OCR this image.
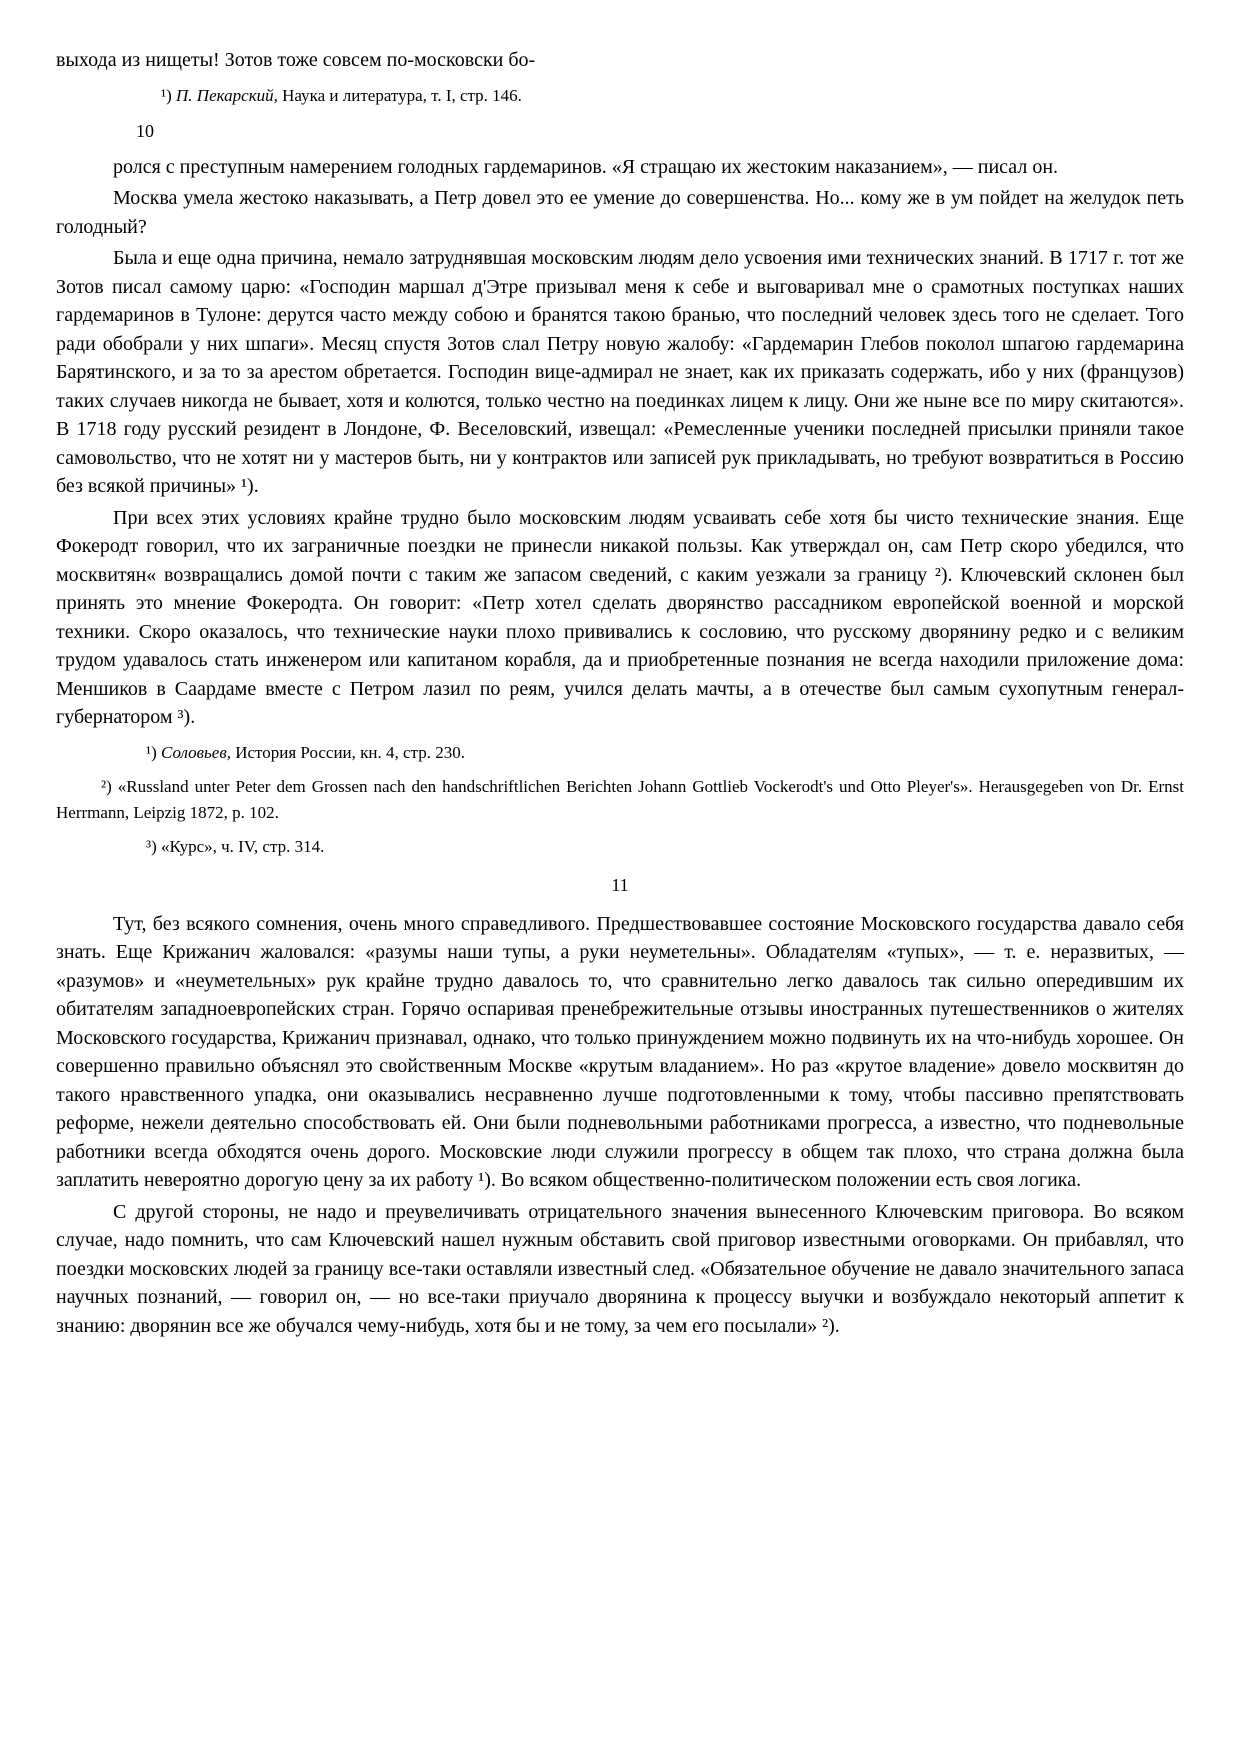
выхода из нищеты! Зотов тоже совсем по-московски бо-

¹) П. Пекарский, Наука и литература, т. I, стр. 146.
10

ролся с преступным намерением голодных гардемаринов. «Я стращаю их жестоким наказанием», — писал он.

Москва умела жестоко наказывать, а Петр довел это ее умение до совершенства. Но... кому же в ум пойдет на желудок петь голодный?

Была и еще одна причина, немало затруднявшая московским людям дело усвоения ими технических знаний. В 1717 г. тот же Зотов писал самому царю: «Господин маршал д'Этре призывал меня к себе и выговаривал мне о срамотных поступках наших гардемаринов в Тулоне: дерутся часто между собою и бранятся такою бранью, что последний человек здесь того не сделает. Того ради обобрали у них шпаги». Месяц спустя Зотов слал Петру новую жалобу: «Гардемарин Глебов поколол шпагою гардемарина Барятинского, и за то за арестом обретается. Господин вице-адмирал не знает, как их приказать содержать, ибо у них (французов) таких случаев никогда не бывает, хотя и колются, только честно на поединках лицем к лицу. Они же ныне все по миру скитаются». В 1718 году русский резидент в Лондоне, Ф. Веселовский, извещал: «Ремесленные ученики последней присылки приняли такое самовольство, что не хотят ни у мастеров быть, ни у контрактов или записей рук прикладывать, но требуют возвратиться в Россию без всякой причины» ¹).

При всех этих условиях крайне трудно было московским людям усваивать себе хотя бы чисто технические знания. Еще Фокеродт говорил, что их заграничные поездки не принесли никакой пользы. Как утверждал он, сам Петр скоро убедился, что москвитян« возвращались домой почти с таким же запасом сведений, с каким уезжали за границу ²). Ключевский склонен был принять это мнение Фокеродта. Он говорит: «Петр хотел сделать дворянство рассадником европейской военной и морской техники. Скоро оказалось, что технические науки плохо прививались к сословию, что русскому дворянину редко и с великим трудом удавалось стать инженером или капитаном корабля, да и приобретенные познания не всегда находили приложение дома: Меншиков в Саардаме вместе с Петром лазил по реям, учился делать мачты, а в отечестве был самым сухопутным генерал-губернатором ³).

¹) Соловьев, История России, кн. 4, стр. 230.
²) «Russland unter Peter dem Grossen nach den handschriftlichen Berichten Johann Gottlieb Vockerodt's und Otto Pleyer's». Herausgegeben von Dr. Ernst Herrmann, Leipzig 1872, p. 102.
³) «Курс», ч. IV, стр. 314.
11

Тут, без всякого сомнения, очень много справедливого. Предшествовавшее состояние Московского государства давало себя знать. Еще Крижанич жаловался: «разумы наши тупы, а руки неуметельны». Обладателям «тупых», — т. е. неразвитых, — «разумов» и «неуметельных» рук крайне трудно давалось то, что сравнительно легко давалось так сильно опередившим их обитателям западноевропейских стран. Горячо оспаривая пренебрежительные отзывы иностранных путешественников о жителях Московского государства, Крижанич признавал, однако, что только принуждением можно подвинуть их на что-нибудь хорошее. Он совершенно правильно объяснял это свойственным Москве «крутым владанием». Но раз «крутое владение» довело москвитян до такого нравственного упадка, они оказывались несравненно лучше подготовленными к тому, чтобы пассивно препятствовать реформе, нежели деятельно способствовать ей. Они были подневольными работниками прогресса, а известно, что подневольные работники всегда обходятся очень дорого. Московские люди служили прогрессу в общем так плохо, что страна должна была заплатить невероятно дорогую цену за их работу ¹). Во всяком общественно-политическом положении есть своя логика.

С другой стороны, не надо и преувеличивать отрицательного значения вынесенного Ключевским приговора. Во всяком случае, надо помнить, что сам Ключевский нашел нужным обставить свой приговор известными оговорками. Он прибавлял, что поездки московских людей за границу все-таки оставляли известный след. «Обязательное обучение не давало значительного запаса научных познаний, — говорил он, — но все-таки приучало дворянина к процессу выучки и возбуждало некоторый аппетит к знанию: дворянин все же обучался чему-нибудь, хотя бы и не тому, за чем его посылали» ²).
